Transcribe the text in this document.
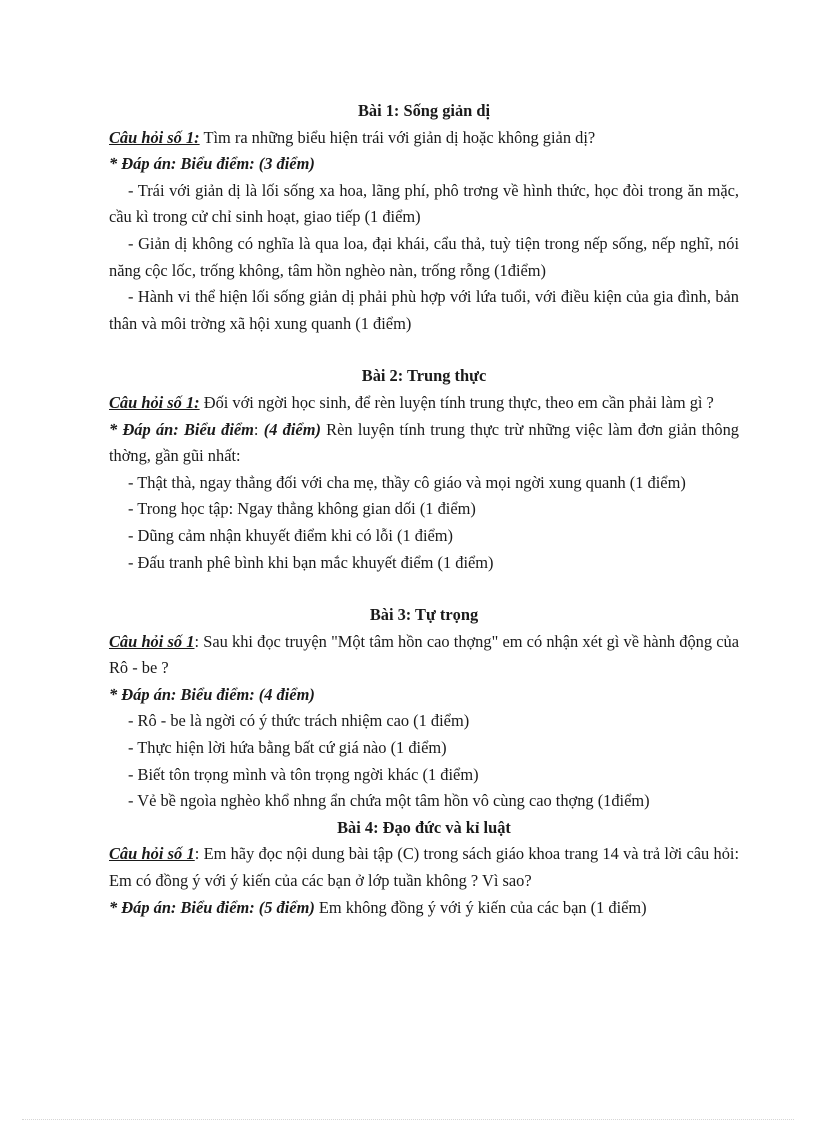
Bài 1: Sống giản dị

Câu hỏi số 1: Tìm ra những biểu hiện trái với giản dị hoặc không giản dị?

* Đáp án: Biểu điểm: (3 điểm)

- Trái với giản dị là lối sống xa hoa, lãng phí, phô trơng về hình thức, học đòi trong ăn mặc, cầu kì trong cử chỉ sinh hoạt, giao tiếp (1 điểm)

- Giản dị không có nghĩa là qua loa, đại khái, cẩu thả, tuỳ tiện trong nếp sống, nếp nghĩ, nói năng cộc lốc, trống không, tâm hồn nghèo nàn, trống rỗng (1điểm)

- Hành vi thể hiện lối sống giản dị phải phù hợp với lứa tuổi, với điều kiện của gia đình, bản thân và môi trờng xã hội xung quanh (1 điểm)

Bài 2: Trung thực

Câu hỏi số 1: Đối với ngời học sinh, để rèn luyện tính trung thực, theo em cần phải làm gì ?

* Đáp án: Biểu điểm: (4 điểm) Rèn luyện tính trung thực trừ những việc làm đơn giản thông thờng, gần gũi nhất:

- Thật thà, ngay thẳng đối với cha mẹ, thầy cô giáo và mọi ngời xung quanh (1 điểm)

- Trong học tập: Ngay thẳng không gian dối (1 điểm)

- Dũng cảm nhận khuyết điểm khi có lỗi (1 điểm)

- Đấu tranh phê bình khi bạn mắc khuyết điểm (1 điểm)

Bài 3: Tự trọng

Câu hỏi số 1: Sau khi đọc truyện "Một tâm hồn cao thợng" em có nhận xét gì về hành động của Rô - be ?

* Đáp án: Biểu điểm: (4 điểm)

- Rô - be là ngời có ý thức trách nhiệm cao (1 điểm)

- Thực hiện lời hứa bằng bất cứ giá nào (1 điểm)

- Biết tôn trọng mình và tôn trọng ngời khác (1 điểm)

- Vẻ bề ngoìa nghèo khổ nhng ẩn chứa một tâm hồn vô cùng cao thợng (1điểm)

Bài 4: Đạo đức và kỉ luật

Câu hỏi số 1: Em hãy đọc nội dung bài tập (C) trong sách giáo khoa trang 14 và trả lời câu hỏi: Em có đồng ý với ý kiến của các bạn ở lớp tuần không ? Vì sao?

* Đáp án: Biểu điểm: (5 điểm) Em không đồng ý với ý kiến của các bạn (1 điểm)
